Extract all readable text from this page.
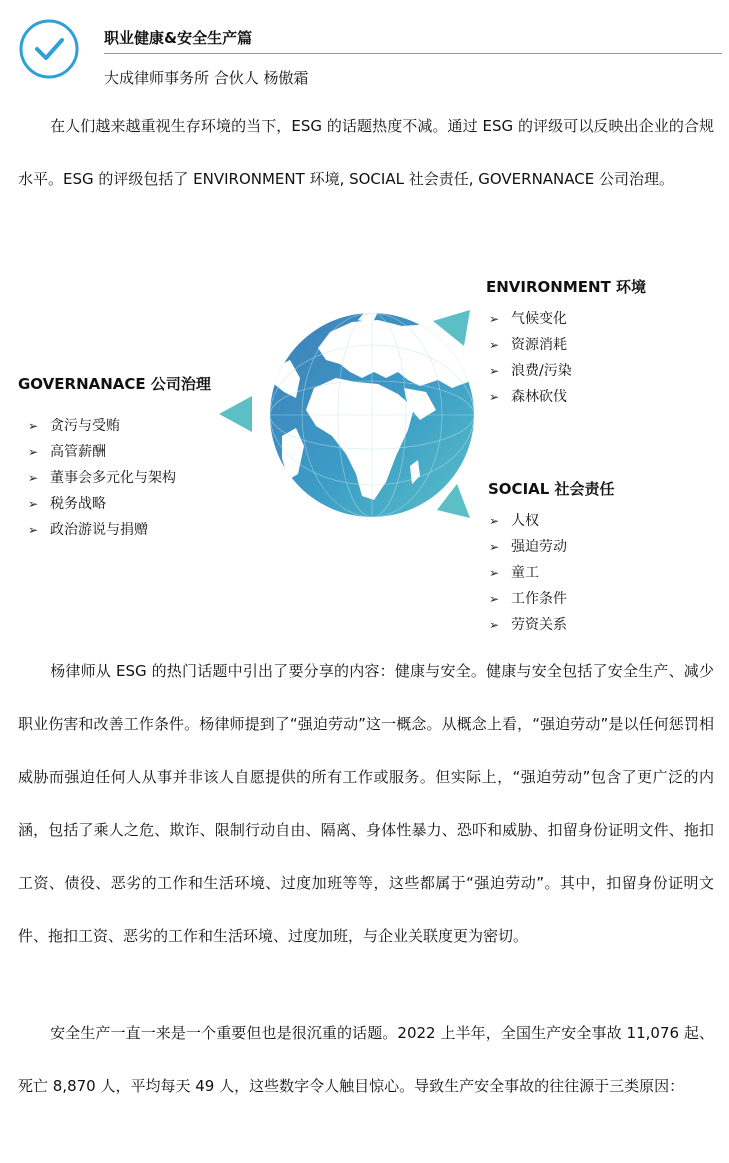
职业健康&安全生产篇
大成律师事务所 合伙人 杨傲霜

在人们越来越重视生存环境的当下，ESG 的话题热度不减。通过 ESG 的评级可以反映出企业的合规水平。ESG 的评级包括了 ENVIRONMENT 环境, SOCIAL 社会责任, GOVERNANACE 公司治理。

ENVIRONMENT 环境
➢ 气候变化
➢ 资源消耗
➢ 浪费/污染
➢ 森林砍伐
GOVERNANACE 公司治理
➢ 贪污与受贿
➢ 高管薪酬
➢ 董事会多元化与架构
➢ 税务战略
➢ 政治游说与捐赠
SOCIAL 社会责任
➢ 人权
➢ 强迫劳动
➢ 童工
➢ 工作条件
➢ 劳资关系

杨律师从 ESG 的热门话题中引出了要分享的内容：健康与安全。健康与安全包括了安全生产、减少职业伤害和改善工作条件。杨律师提到了“强迫劳动”这一概念。从概念上看，“强迫劳动”是以任何惩罚相威胁而强迫任何人从事并非该人自愿提供的所有工作或服务。但实际上，“强迫劳动”包含了更广泛的内涵，包括了乘人之危、欺诈、限制行动自由、隔离、身体性暴力、恐吓和威胁、扣留身份证明文件、拖扣工资、债役、恶劣的工作和生活环境、过度加班等等，这些都属于“强迫劳动”。其中，扣留身份证明文件、拖扣工资、恶劣的工作和生活环境、过度加班，与企业关联度更为密切。

安全生产一直一来是一个重要但也是很沉重的话题。2022 上半年，全国生产安全事故 11,076 起、死亡 8,870 人，平均每天 49 人，这些数字令人触目惊心。导致生产安全事故的往往源于三类原因：
